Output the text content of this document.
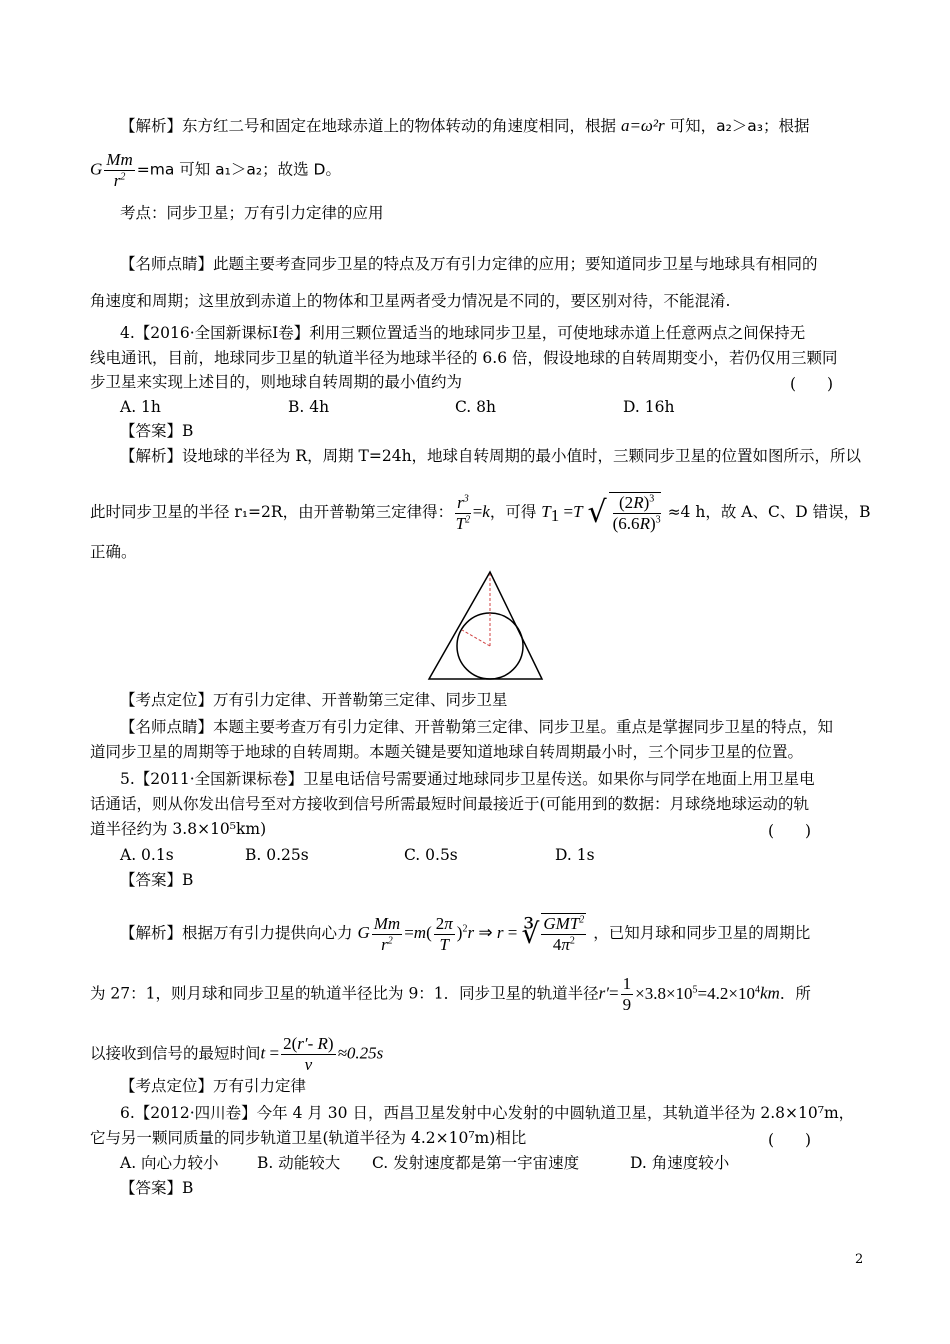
【解析】东方红二号和固定在地球赤道上的物体转动的角速度相同，根据 a=ω²r 可知，a₂＞a₃；根据
G $\frac{Mm}{r^2} =ma$ 可知 a₁＞a₂；故选 D。
考点：同步卫星；万有引力定律的应用
【名师点睛】此题主要考查同步卫星的特点及万有引力定律的应用；要知道同步卫星与地球具有相同的
角速度和周期；这里放到赤道上的物体和卫星两者受力情况是不同的，要区别对待，不能混淆.
4.【2016·全国新课标Ⅰ卷】利用三颗位置适当的地球同步卫星，可使地球赤道上任意两点之间保持无
线电通讯，目前，地球同步卫星的轨道半径为地球半径的 6.6 倍，假设地球的自转周期变小，若仍仅用三颗同
步卫星来实现上述目的，则地球自转周期的最小值约为	(　　)
A. 1h	B. 4h	C. 8h	D. 16h
【答案】B
【解析】设地球的半径为 R，周期 T=24h，地球自转周期的最小值时，三颗同步卫星的位置如图所示，所以
此时同步卫星的半径 r₁=2R，由开普勒第三定律得： $\frac{r^3}{T^2} =k$，可得 $T_1 =T$ √ $\frac{(2R)^3}{(6.6R)^3} \approx 4$ h，故 A、C、D 错误，B
正确。
【考点定位】万有引力定律、开普勒第三定律、同步卫星
【名师点睛】本题主要考查万有引力定律、开普勒第三定律、同步卫星。重点是掌握同步卫星的特点，知
道同步卫星的周期等于地球的自转周期。本题关键是要知道地球自转周期最小时，三个同步卫星的位置。
5.【2011·全国新课标卷】卫星电话信号需要通过地球同步卫星传送。如果你与同学在地面上用卫星电
话通话，则从你发出信号至对方接收到信号所需最短时间最接近于(可能用到的数据：月球绕地球运动的轨
道半径约为 3.8×10⁵km)	(　　)
A. 0.1s	B. 0.25s	C. 0.5s	D. 1s
【答案】B
【解析】根据万有引力提供向心力 G $\frac{Mm}{r^2} =m( \frac{2\pi}{T} )^2r$ ⇒ r = ∛ $\frac{GMT^2}{4\pi^2}$ ，已知月球和同步卫星的周期比
为 27：1，则月球和同步卫星的轨道半径比为 9：1．同步卫星的轨道半径$r'= \frac{1}{9} \times 3.8\times 10^5=4.2\times 10^4km$．所
以接收到信号的最短时间$t = \frac{2(r'- R)}{v} \approx 0.25s$
【考点定位】万有引力定律
6.【2012·四川卷】今年 4 月 30 日，西昌卫星发射中心发射的中圆轨道卫星，其轨道半径为 2.8×10⁷m，
它与另一颗同质量的同步轨道卫星(轨道半径为 4.2×10⁷m)相比	(　　)
A. 向心力较小 B. 动能较大 C. 发射速度都是第一宇宙速度	D. 角速度较小
【答案】B
2
